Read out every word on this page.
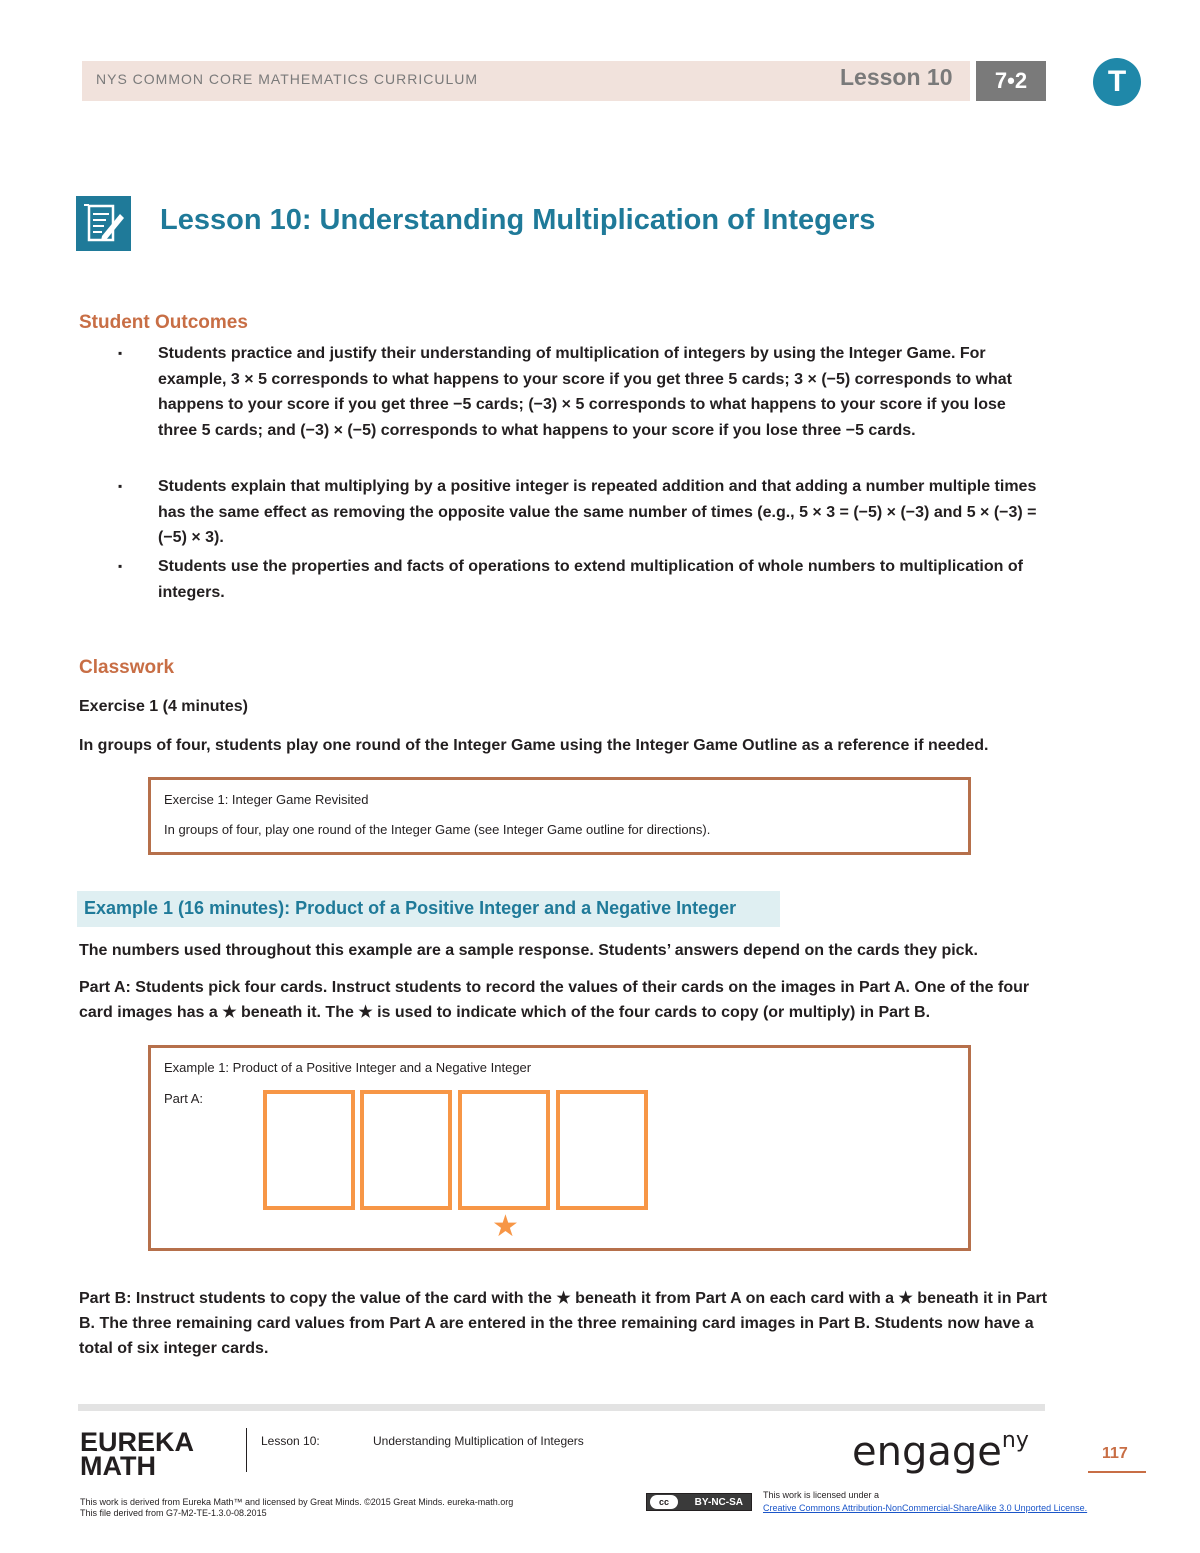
NYS COMMON CORE MATHEMATICS CURRICULUM	Lesson 10	7•2	T
Lesson 10: Understanding Multiplication of Integers
Student Outcomes
▪ Students practice and justify their understanding of multiplication of integers by using the Integer Game. For example, 3 × 5 corresponds to what happens to your score if you get three 5 cards; 3 × (−5) corresponds to what happens to your score if you get three −5 cards; (−3) × 5 corresponds to what happens to your score if you lose three 5 cards; and (−3) × (−5) corresponds to what happens to your score if you lose three −5 cards.
▪ Students explain that multiplying by a positive integer is repeated addition and that adding a number multiple times has the same effect as removing the opposite value the same number of times (e.g., 5 × 3 = (−5) × (−3) and 5 × (−3) = (−5) × 3).
▪ Students use the properties and facts of operations to extend multiplication of whole numbers to multiplication of integers.
Classwork
Exercise 1 (4 minutes)
In groups of four, students play one round of the Integer Game using the Integer Game Outline as a reference if needed.
Exercise 1: Integer Game Revisited
In groups of four, play one round of the Integer Game (see Integer Game outline for directions).
Example 1 (16 minutes): Product of a Positive Integer and a Negative Integer
The numbers used throughout this example are a sample response. Students’ answers depend on the cards they pick.
Part A: Students pick four cards. Instruct students to record the values of their cards on the images in Part A. One of the four card images has a ★ beneath it. The ★ is used to indicate which of the four cards to copy (or multiply) in Part B.
Example 1: Product of a Positive Integer and a Negative Integer
Part A:
★
Part B: Instruct students to copy the value of the card with the ★ beneath it from Part A on each card with a ★ beneath it in Part B. The three remaining card values from Part A are entered in the three remaining card images in Part B. Students now have a total of six integer cards.
EUREKA
MATH
Lesson 10:	Understanding Multiplication of Integers	engage$^{ny}$
117
This work is derived from Eureka Math™ and licensed by Great Minds. ©2015 Great Minds. eureka-math.org
This file derived from G7-M2-TE-1.3.0-08.2015
BY-NC-SA
cc
This work is licensed under a
Creative Commons Attribution-NonCommercial-ShareAlike 3.0 Unported License.
